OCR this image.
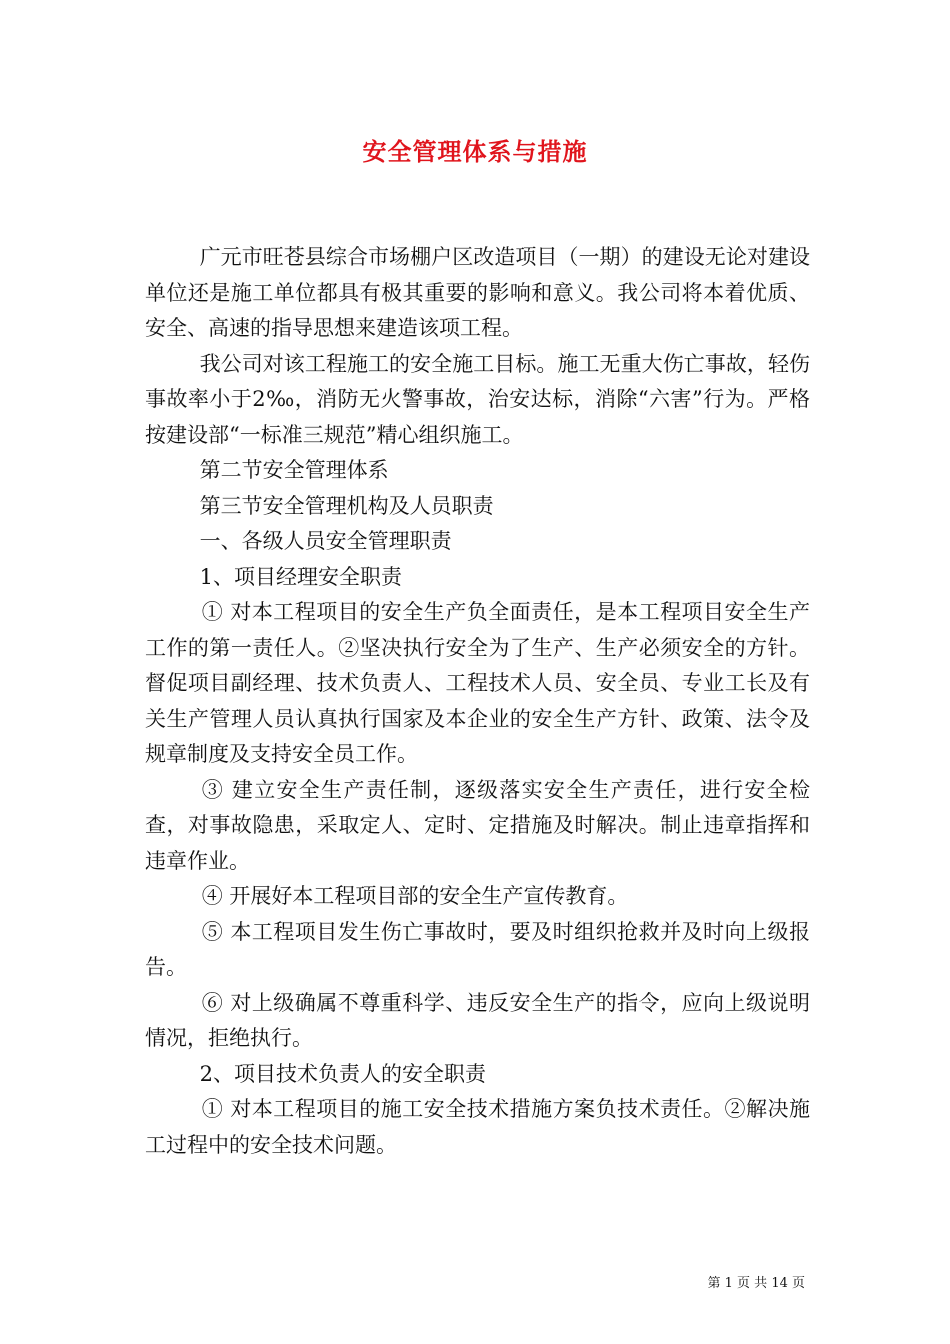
安全管理体系与措施

广元市旺苍县综合市场棚户区改造项目（一期）的建设无论对建设单位还是施工单位都具有极其重要的影响和意义。我公司将本着优质、安全、高速的指导思想来建造该项工程。

我公司对该工程施工的安全施工目标。施工无重大伤亡事故，轻伤事故率小于2‰，消防无火警事故，治安达标，消除“六害”行为。严格按建设部“一标准三规范”精心组织施工。

第二节安全管理体系

第三节安全管理机构及人员职责

一、各级人员安全管理职责

1、项目经理安全职责

① 对本工程项目的安全生产负全面责任，是本工程项目安全生产工作的第一责任人。②坚决执行安全为了生产、生产必须安全的方针。督促项目副经理、技术负责人、工程技术人员、安全员、专业工长及有关生产管理人员认真执行国家及本企业的安全生产方针、政策、法令及规章制度及支持安全员工作。

③ 建立安全生产责任制，逐级落实安全生产责任，进行安全检查，对事故隐患，采取定人、定时、定措施及时解决。制止违章指挥和违章作业。

④ 开展好本工程项目部的安全生产宣传教育。

⑤ 本工程项目发生伤亡事故时，要及时组织抢救并及时向上级报告。

⑥ 对上级确属不尊重科学、违反安全生产的指令，应向上级说明情况，拒绝执行。

2、项目技术负责人的安全职责

① 对本工程项目的施工安全技术措施方案负技术责任。②解决施工过程中的安全技术问题。

第 1 页 共 14 页
